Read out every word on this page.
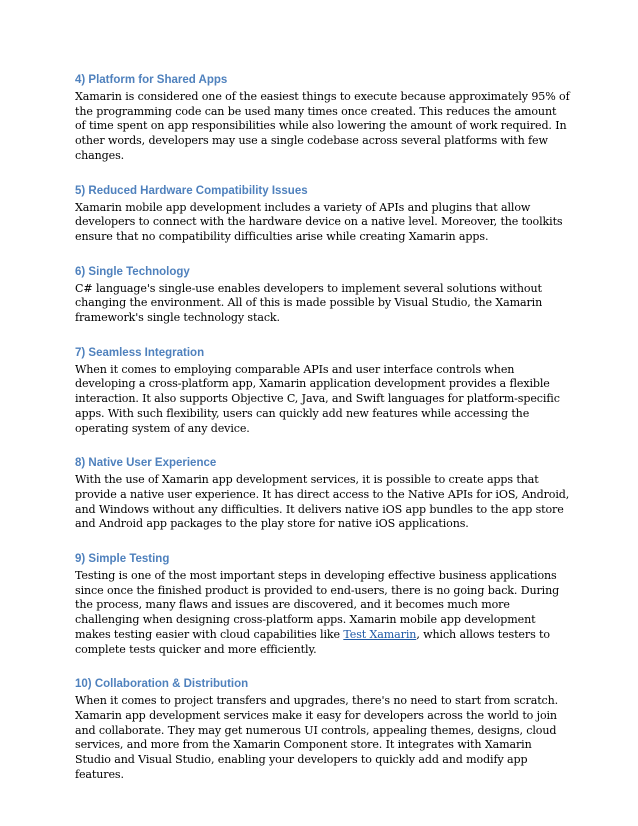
4) Platform for Shared Apps

Xamarin is considered one of the easiest things to execute because approximately 95% of the programming code can be used many times once created. This reduces the amount of time spent on app responsibilities while also lowering the amount of work required. In other words, developers may use a single codebase across several platforms with few changes.

5) Reduced Hardware Compatibility Issues

Xamarin mobile app development includes a variety of APIs and plugins that allow developers to connect with the hardware device on a native level. Moreover, the toolkits ensure that no compatibility difficulties arise while creating Xamarin apps.

6) Single Technology

C# language's single-use enables developers to implement several solutions without changing the environment. All of this is made possible by Visual Studio, the Xamarin framework's single technology stack.

7) Seamless Integration

When it comes to employing comparable APIs and user interface controls when developing a cross-platform app, Xamarin application development provides a flexible interaction. It also supports Objective C, Java, and Swift languages for platform-specific apps. With such flexibility, users can quickly add new features while accessing the operating system of any device.

8) Native User Experience

With the use of Xamarin app development services, it is possible to create apps that provide a native user experience. It has direct access to the Native APIs for iOS, Android, and Windows without any difficulties. It delivers native iOS app bundles to the app store and Android app packages to the play store for native iOS applications.

9) Simple Testing

Testing is one of the most important steps in developing effective business applications since once the finished product is provided to end-users, there is no going back. During the process, many flaws and issues are discovered, and it becomes much more challenging when designing cross-platform apps. Xamarin mobile app development makes testing easier with cloud capabilities like Test Xamarin, which allows testers to complete tests quicker and more efficiently.

10) Collaboration & Distribution

When it comes to project transfers and upgrades, there's no need to start from scratch. Xamarin app development services make it easy for developers across the world to join and collaborate. They may get numerous UI controls, appealing themes, designs, cloud services, and more from the Xamarin Component store. It integrates with Xamarin Studio and Visual Studio, enabling your developers to quickly add and modify app features.
